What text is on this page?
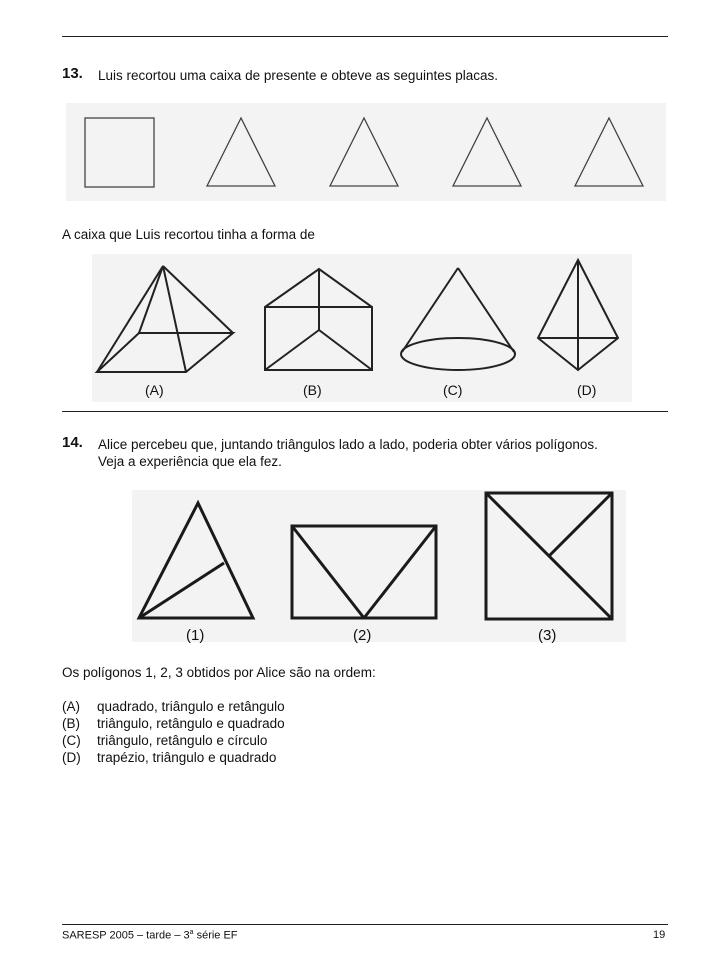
13. Luis recortou uma caixa de presente e obteve as seguintes placas.
A caixa que Luis recortou tinha a forma de
(A)	(B)	(C)	(D)
14. Alice percebeu que, juntando triângulos lado a lado, poderia obter vários polígonos.
Veja a experiência que ela fez.
(1)	(2)	(3)
Os polígonos 1, 2, 3 obtidos por Alice são na ordem:
(A)	quadrado, triângulo e retângulo
(B)	triângulo, retângulo e quadrado
(C)	triângulo, retângulo e círculo
(D)	trapézio, triângulo e quadrado
SARESP 2005 – tarde – 3$^a$ série EF	19
